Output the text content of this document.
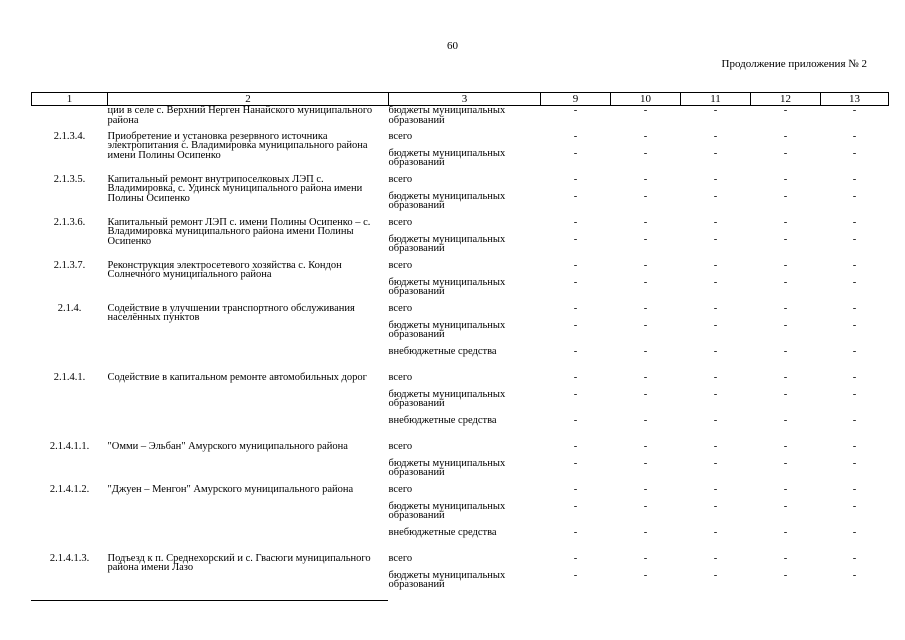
60
Продолжение приложения № 2
1	2	3	9	10	11	12	13
	ции в селе с. Верхний Нерген Нанайского муниципального района	бюджеты муниципальных образований	-	-	-	-	-
2.1.3.4.	Приобретение и установка резервного источника электропитания с. Владимировка муниципального района имени Полины Осипенко	всего	-	-	-	-	-
		бюджеты муниципальных образований	-	-	-	-	-
2.1.3.5.	Капитальный ремонт внутрипоселковых ЛЭП с. Владимировка, с. Удинск муниципального района имени Полины Осипенко	всего	-	-	-	-	-
		бюджеты муниципальных образований	-	-	-	-	-
2.1.3.6.	Капитальный ремонт ЛЭП с. имени Полины Осипенко – с. Владимировка муниципального района имени Полины Осипенко	всего	-	-	-	-	-
		бюджеты муниципальных образований	-	-	-	-	-
2.1.3.7.	Реконструкция электросетевого хозяйства с. Кондон Солнечного муниципального района	всего	-	-	-	-	-
		бюджеты муниципальных образований	-	-	-	-	-
2.1.4.	Содействие в улучшении транспортного обслуживания населённых пунктов	всего	-	-	-	-	-
		бюджеты муниципальных образований	-	-	-	-	-
		внебюджетные средства	-	-	-	-	-
2.1.4.1.	Содействие в капитальном ремонте автомобильных дорог	всего	-	-	-	-	-
		бюджеты муниципальных образований	-	-	-	-	-
		внебюджетные средства	-	-	-	-	-
2.1.4.1.1.	"Омми – Эльбан" Амурского муниципального района	всего	-	-	-	-	-
		бюджеты муниципальных образований	-	-	-	-	-
2.1.4.1.2.	"Джуен – Менгон" Амурского муниципального района	всего	-	-	-	-	-
		бюджеты муниципальных образований	-	-	-	-	-
		внебюджетные средства	-	-	-	-	-
2.1.4.1.3.	Подъезд к п. Среднехорский и с. Гвасюги муниципального района имени Лазо	всего	-	-	-	-	-
		бюджеты муниципальных образований	-	-	-	-	-
